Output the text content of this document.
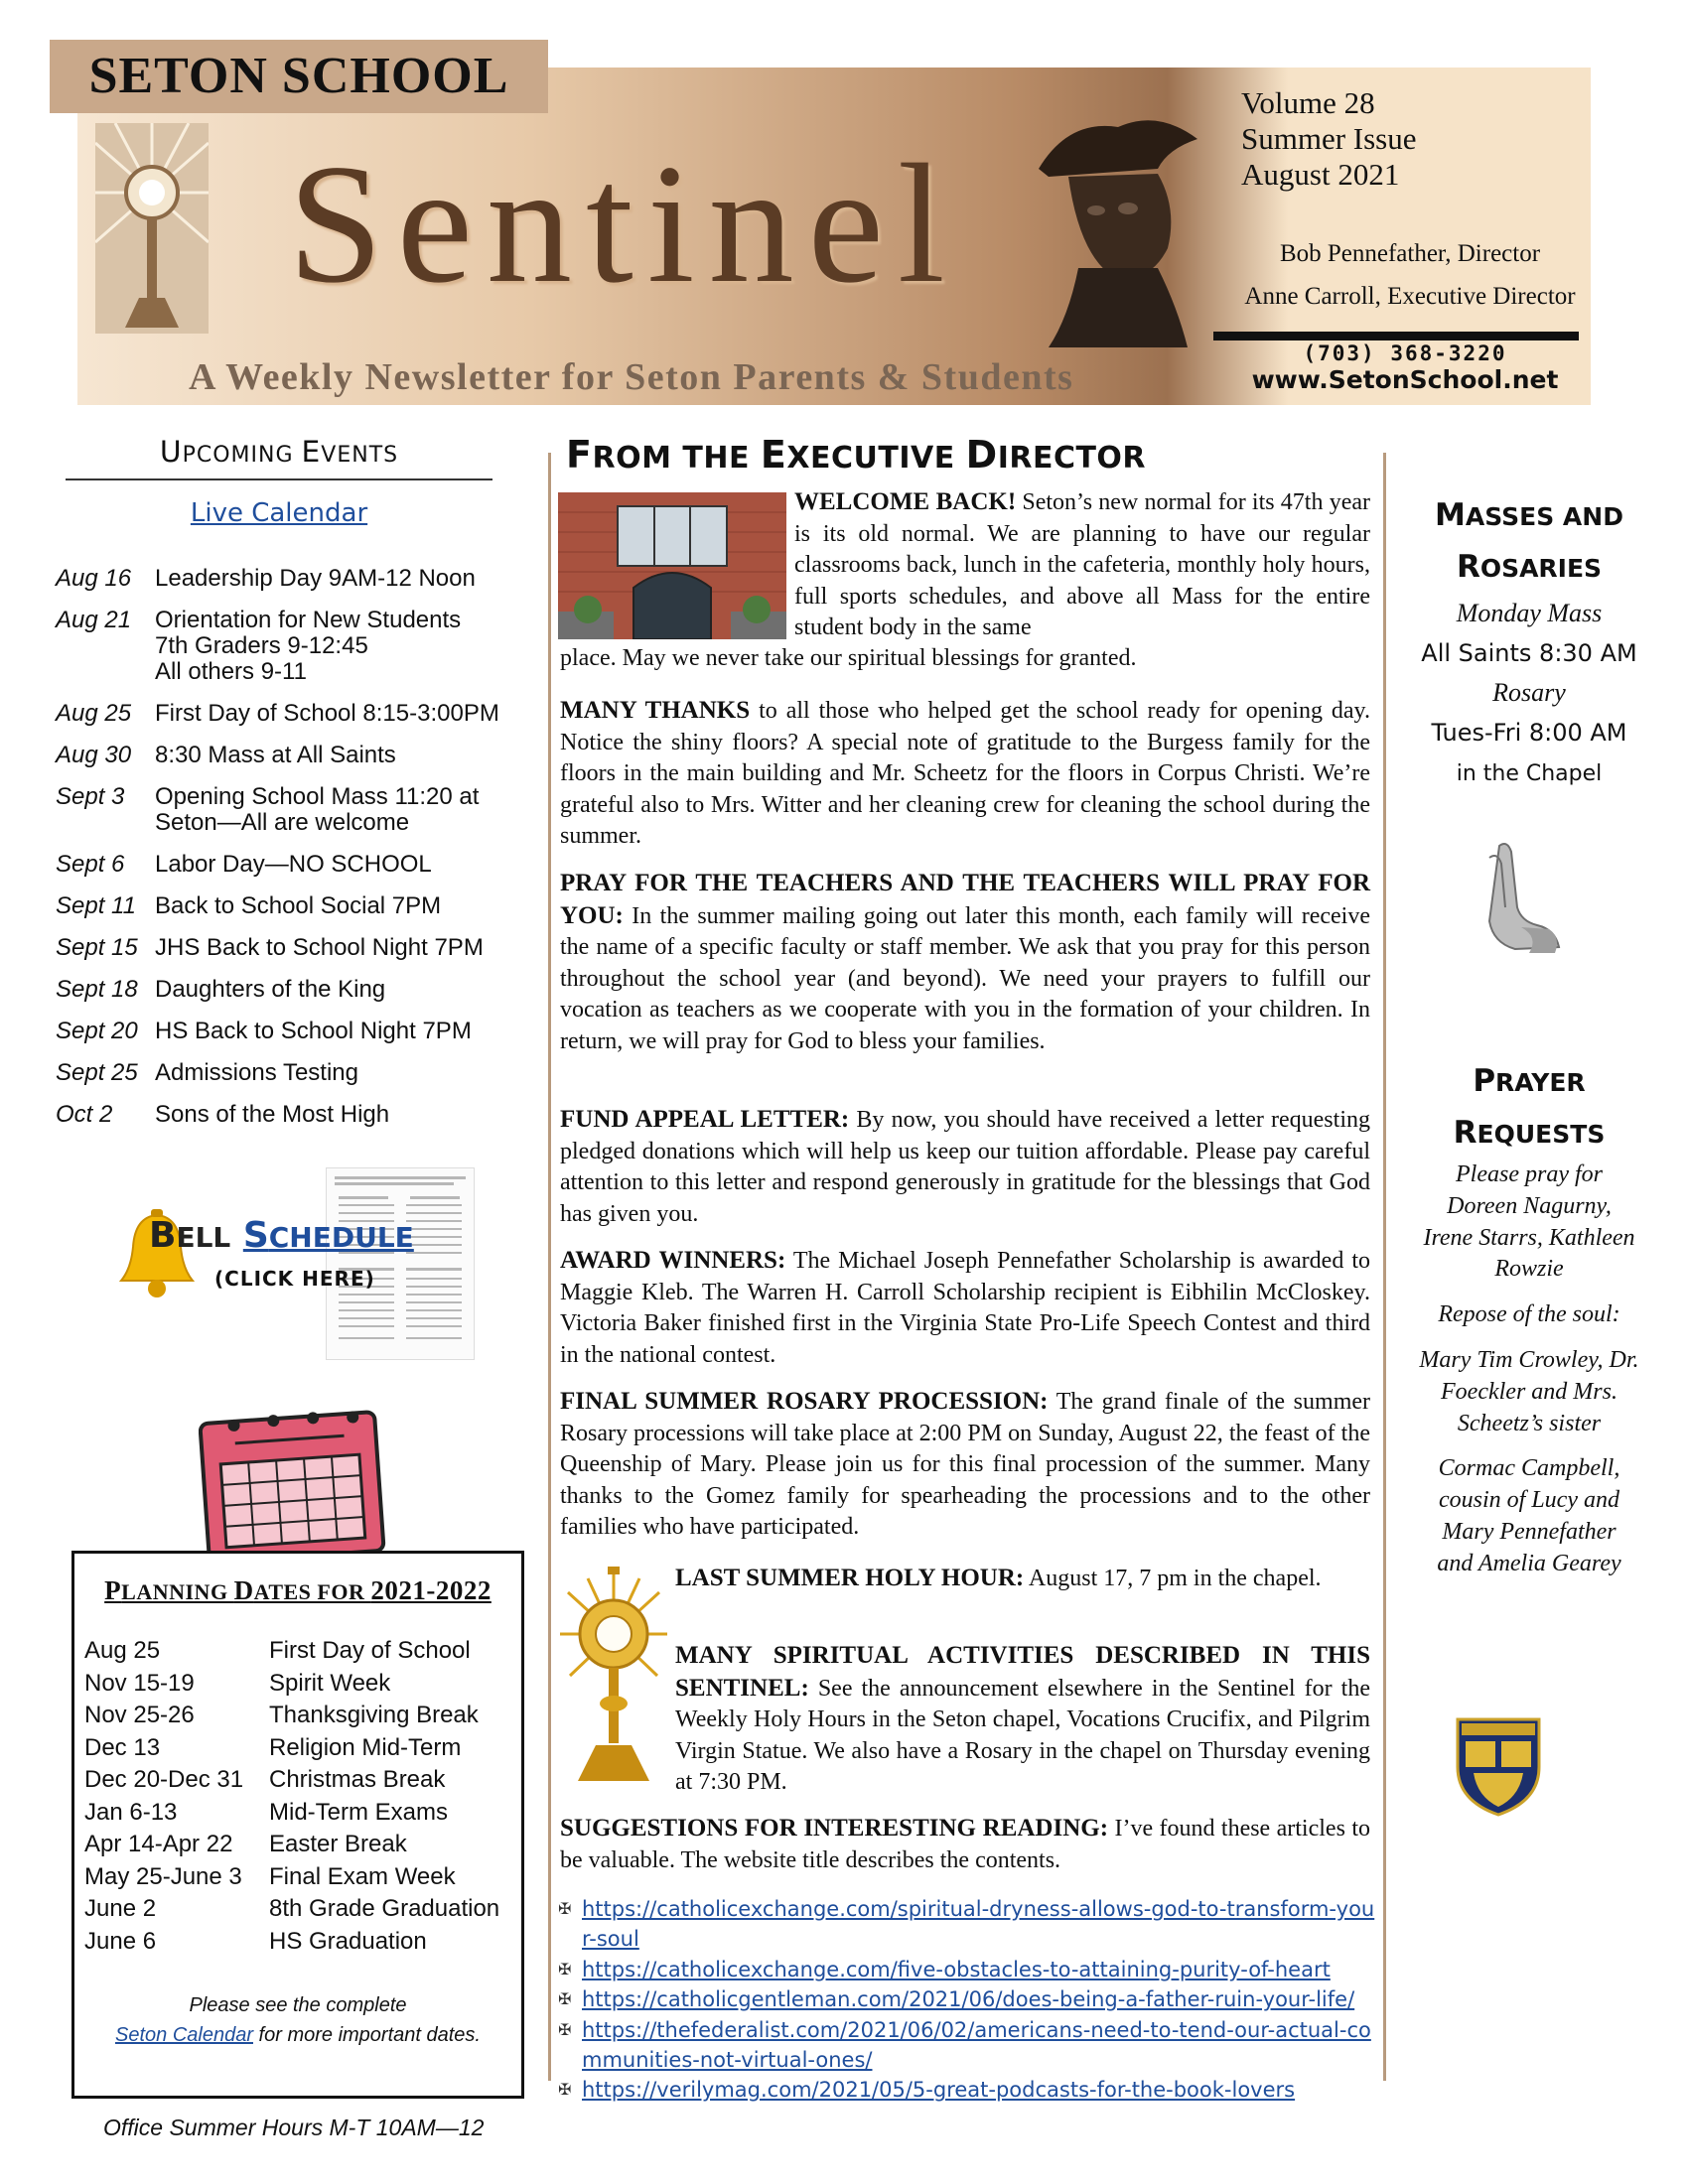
SETON SCHOOL
Sentinel
A Weekly Newsletter for Seton Parents & Students
Volume 28
Summer Issue
August 2021
Bob Pennefather, Director
Anne Carroll, Executive Director
(703) 368-3220
www.SetonSchool.net
UPCOMING EVENTS
Live Calendar
Aug 16 Leadership Day 9AM-12 Noon
Aug 21 Orientation for New Students
7th Graders 9-12:45
All others 9-11
Aug 25 First Day of School 8:15-3:00PM
Aug 30 8:30 Mass at All Saints
Sept 3	Opening School Mass 11:20 at
Seton—All are welcome
Sept 6	Labor Day—NO SCHOOL
Sept 11 Back to School Social 7PM
Sept 15 JHS Back to School Night 7PM
Sept 18 Daughters of the King
Sept 20 HS Back to School Night 7PM
Sept 25 Admissions Testing
Oct 2	Sons of the Most High
BELL SCHEDULE
(CLICK HERE)
PLANNING DATES FOR 2021-2022
Aug 25	First Day of School
Nov 15-19	Spirit Week
Nov 25-26	Thanksgiving Break
Dec 13	Religion Mid-Term
Dec 20-Dec 31	Christmas Break
Jan 6-13	Mid-Term Exams
Apr 14-Apr 22	Easter Break
May 25-June 3	Final Exam Week
June 2	8th Grade Graduation
June 6	HS Graduation
Please see the complete
Seton Calendar for more important dates.
Office Summer Hours M-T 10AM—12
FROM THE EXECUTIVE DIRECTOR
WELCOME BACK! Seton’s new normal for its 47th year is its old normal. We are planning to have our regular classrooms back, lunch in the cafeteria, monthly holy hours, full sports schedules, and above all Mass for the entire student body in the same
place. May we never take our spiritual blessings for granted.
MANY THANKS to all those who helped get the school ready for opening day. Notice the shiny floors? A special note of gratitude to the Burgess family for the floors in the main building and Mr. Scheetz for the floors in Corpus Christi. We’re grateful also to Mrs. Witter and her cleaning crew for cleaning the school during the summer.
PRAY FOR THE TEACHERS AND THE TEACHERS WILL PRAY FOR YOU: In the summer mailing going out later this month, each family will receive the name of a specific faculty or staff member. We ask that you pray for this person throughout the school year (and beyond). We need your prayers to fulfill our vocation as teachers as we cooperate with you in the formation of your children. In return, we will pray for God to bless your families.
FUND APPEAL LETTER: By now, you should have received a letter requesting pledged donations which will help us keep our tuition affordable. Please pay careful attention to this letter and respond generously in gratitude for the blessings that God has given you.
AWARD WINNERS: The Michael Joseph Pennefather Scholarship is awarded to Maggie Kleb. The Warren H. Carroll Scholarship recipient is Eibhilin McCloskey. Victoria Baker finished first in the Virginia State Pro-Life Speech Contest and third in the national contest.
FINAL SUMMER ROSARY PROCESSION: The grand finale of the summer Rosary processions will take place at 2:00 PM on Sunday, August 22, the feast of the Queenship of Mary. Please join us for this final procession of the summer. Many thanks to the Gomez family for spearheading the processions and to the other families who have participated.
LAST SUMMER HOLY HOUR: August 17, 7 pm in the chapel.
MANY SPIRITUAL ACTIVITIES DESCRIBED IN THIS SENTINEL: See the announcement elsewhere in the Sentinel for the Weekly Holy Hours in the Seton chapel, Vocations Crucifix, and Pilgrim Virgin Statue. We also have a Rosary in the chapel on Thursday evening at 7:30 PM.
SUGGESTIONS FOR INTERESTING READING: I’ve found these articles to be valuable. The website title describes the contents.
✠ https://catholicexchange.com/spiritual-dryness-allows-god-to-transform-your-soul
✠ https://catholicexchange.com/five-obstacles-to-attaining-purity-of-heart
✠ https://catholicgentleman.com/2021/06/does-being-a-father-ruin-your-life/
✠ https://thefederalist.com/2021/06/02/americans-need-to-tend-our-actual-communities-not-virtual-ones/
✠ https://verilymag.com/2021/05/5-great-podcasts-for-the-book-lovers
MASSES AND
ROSARIES
Monday Mass
All Saints 8:30 AM
Rosary
Tues-Fri 8:00 AM
in the Chapel
PRAYER
REQUESTS
Please pray for
Doreen Nagurny, Irene Starrs, Kathleen Rowzie
Repose of the soul:
Mary Tim Crowley, Dr. Foeckler and Mrs. Scheetz’s sister
Cormac Campbell, cousin of Lucy and Mary Pennefather and Amelia Gearey
